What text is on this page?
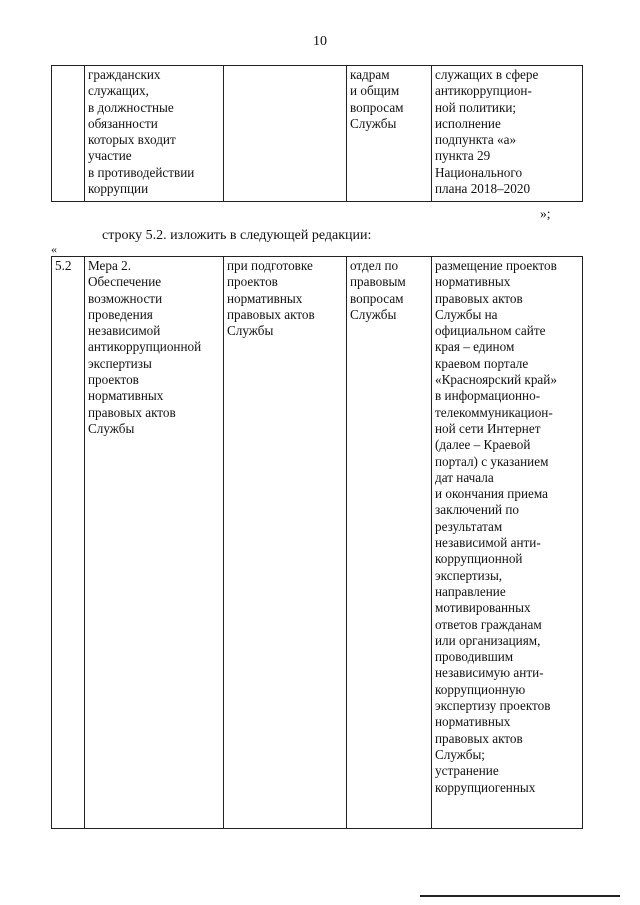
10
	гражданских
служащих,
в должностные
обязанности
которых входит
участие
в противодействии
коррупции		кадрам
и общим
вопросам
Службы	служащих в сфере
антикоррупцион-
ной политики;
исполнение
подпункта «а»
пункта 29
Национального
плана 2018–2020
»;
строку 5.2. изложить в следующей редакции:
«
5.2	Мера 2.
Обеспечение
возможности
проведения
независимой
антикоррупционной
экспертизы
проектов
нормативных
правовых актов
Службы	при подготовке
проектов
нормативных
правовых актов
Службы	отдел по
правовым
вопросам
Службы	размещение проектов
нормативных
правовых актов
Службы на
официальном сайте
края – едином
краевом портале
«Красноярский край»
в информационно-
телекоммуникацион-
ной сети Интернет
(далее – Краевой
портал) с указанием
дат начала
и окончания приема
заключений по
результатам
независимой анти-
коррупционной
экспертизы,
направление
мотивированных
ответов гражданам
или организациям,
проводившим
независимую анти-
коррупционную
экспертизу проектов
нормативных
правовых актов
Службы;
устранение
коррупциогенных
